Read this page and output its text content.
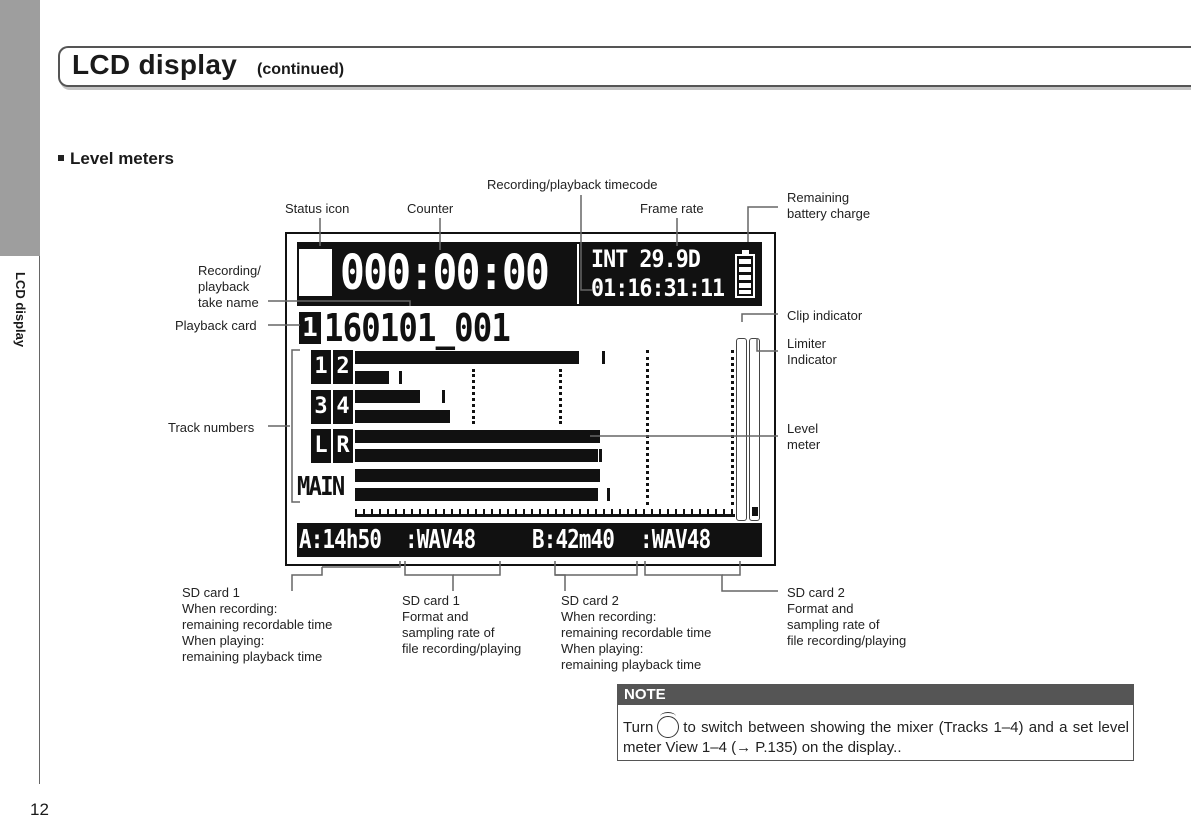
LCD display
12
LCD display (continued)
Level meters
000:00:00 INT 29.9D
01:16:31:11
1 160101_001
1 2
3 4
L R
MAIN
A:14h50 :WAV48 B:42m40 :WAV48
Recording/playback timecode
Status icon	Counter	Frame rate
Remaining
battery charge
Recording/
playback
take name
Playback card
Clip indicator
Limiter
Indicator
Track numbers	Level
meter
SD card 1
When recording:
remaining recordable time
When playing:
remaining playback time
SD card 1
Format and
sampling rate of
file recording/playing
SD card 2
When recording:
remaining recordable time
When playing:
remaining playback time
SD card 2
Format and
sampling rate of
file recording/playing
NOTE
Turn to switch between showing the mixer (Tracks 1–4) and a set level meter View 1–4 (→ P.135) on the display..
